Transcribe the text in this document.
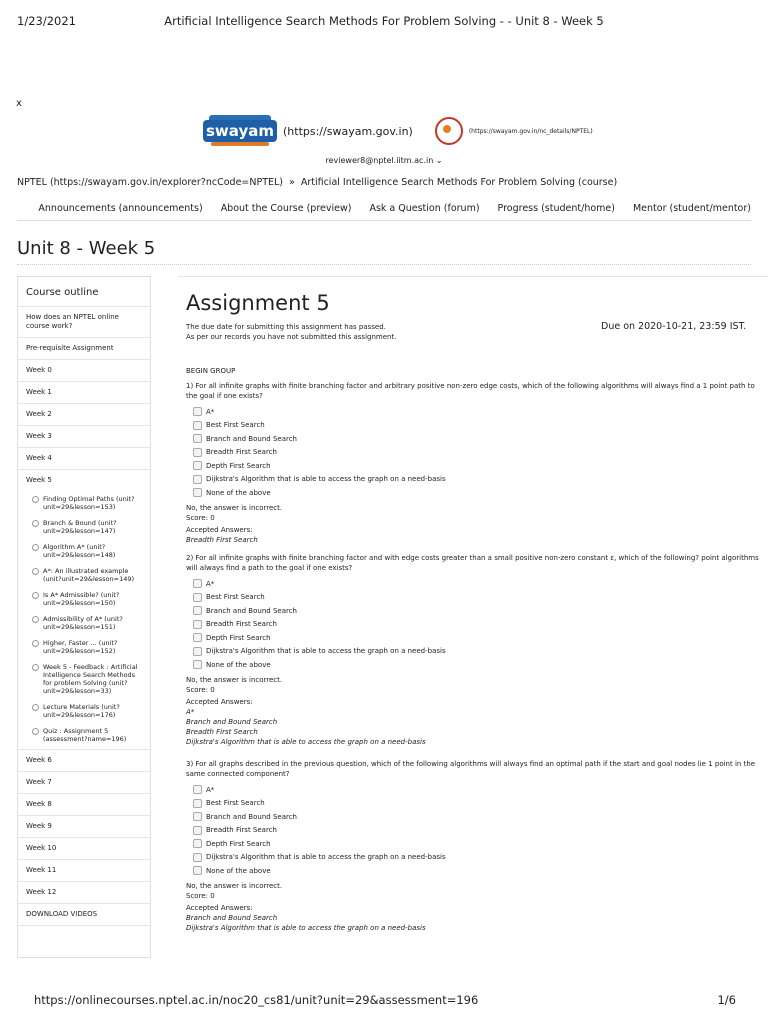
1/23/2021	Artificial Intelligence Search Methods For Problem Solving - - Unit 8 - Week 5
x
swayam (https://swayam.gov.in)	(https://swayam.gov.in/nc_details/NPTEL)
reviewer8@nptel.iitm.ac.in ⌄
NPTEL (https://swayam.gov.in/explorer?ncCode=NPTEL) » Artificial Intelligence Search Methods For Problem Solving (course)
Announcements (announcements) About the Course (preview) Ask a Question (forum) Progress (student/home) Mentor (student/mentor)
Unit 8 - Week 5
Course outline
How does an NPTEL online course work?
Pre-requisite Assignment
Week 0
Week 1
Week 2
Week 3
Week 4
Week 5
Finding Optimal Paths (unit?unit=29&lesson=153)
Branch & Bound (unit?unit=29&lesson=147)
Algorithm A* (unit?unit=29&lesson=148)
A*: An illustrated example (unit?unit=29&lesson=149)
Is A* Admissible? (unit?unit=29&lesson=150)
Admissibility of A* (unit?unit=29&lesson=151)
Higher, Faster ... (unit?unit=29&lesson=152)
Week 5 - Feedback : Artificial Intelligence Search Methods for problem Solving (unit?unit=29&lesson=33)
Lecture Materials (unit?unit=29&lesson=176)
Quiz : Assignment 5 (assessment?name=196)
Week 6
Week 7
Week 8
Week 9
Week 10
Week 11
Week 12
DOWNLOAD VIDEOS
Assignment 5
The due date for submitting this assignment has passed.
As per our records you have not submitted this assignment.
Due on 2020-10-21, 23:59 IST.
BEGIN GROUP
1) For all infinite graphs with finite branching factor and arbitrary positive non-zero edge costs, which of the following algorithms will always find a 1 point path to the goal if one exists?
A*
Best First Search
Branch and Bound Search
Breadth First Search
Depth First Search
Dijkstra's Algorithm that is able to access the graph on a need-basis
None of the above
No, the answer is incorrect.
Score: 0
Accepted Answers:
Breadth First Search
2) For all infinite graphs with finite branching factor and with edge costs greater than a small positive non-zero constant ε, which of the following? point algorithms will always find a path to the goal if one exists?
A*
Best First Search
Branch and Bound Search
Breadth First Search
Depth First Search
Dijkstra's Algorithm that is able to access the graph on a need-basis
None of the above
No, the answer is incorrect.
Score: 0
Accepted Answers:
A*
Branch and Bound Search
Breadth First Search
Dijkstra's Algorithm that is able to access the graph on a need-basis
3) For all graphs described in the previous question, which of the following algorithms will always find an optimal path if the start and goal nodes lie 1 point in the same connected component?
A*
Best First Search
Branch and Bound Search
Breadth First Search
Depth First Search
Dijkstra's Algorithm that is able to access the graph on a need-basis
None of the above
No, the answer is incorrect.
Score: 0
Accepted Answers:
Branch and Bound Search
Dijkstra's Algorithm that is able to access the graph on a need-basis
https://onlinecourses.nptel.ac.in/noc20_cs81/unit?unit=29&assessment=196	1/6
